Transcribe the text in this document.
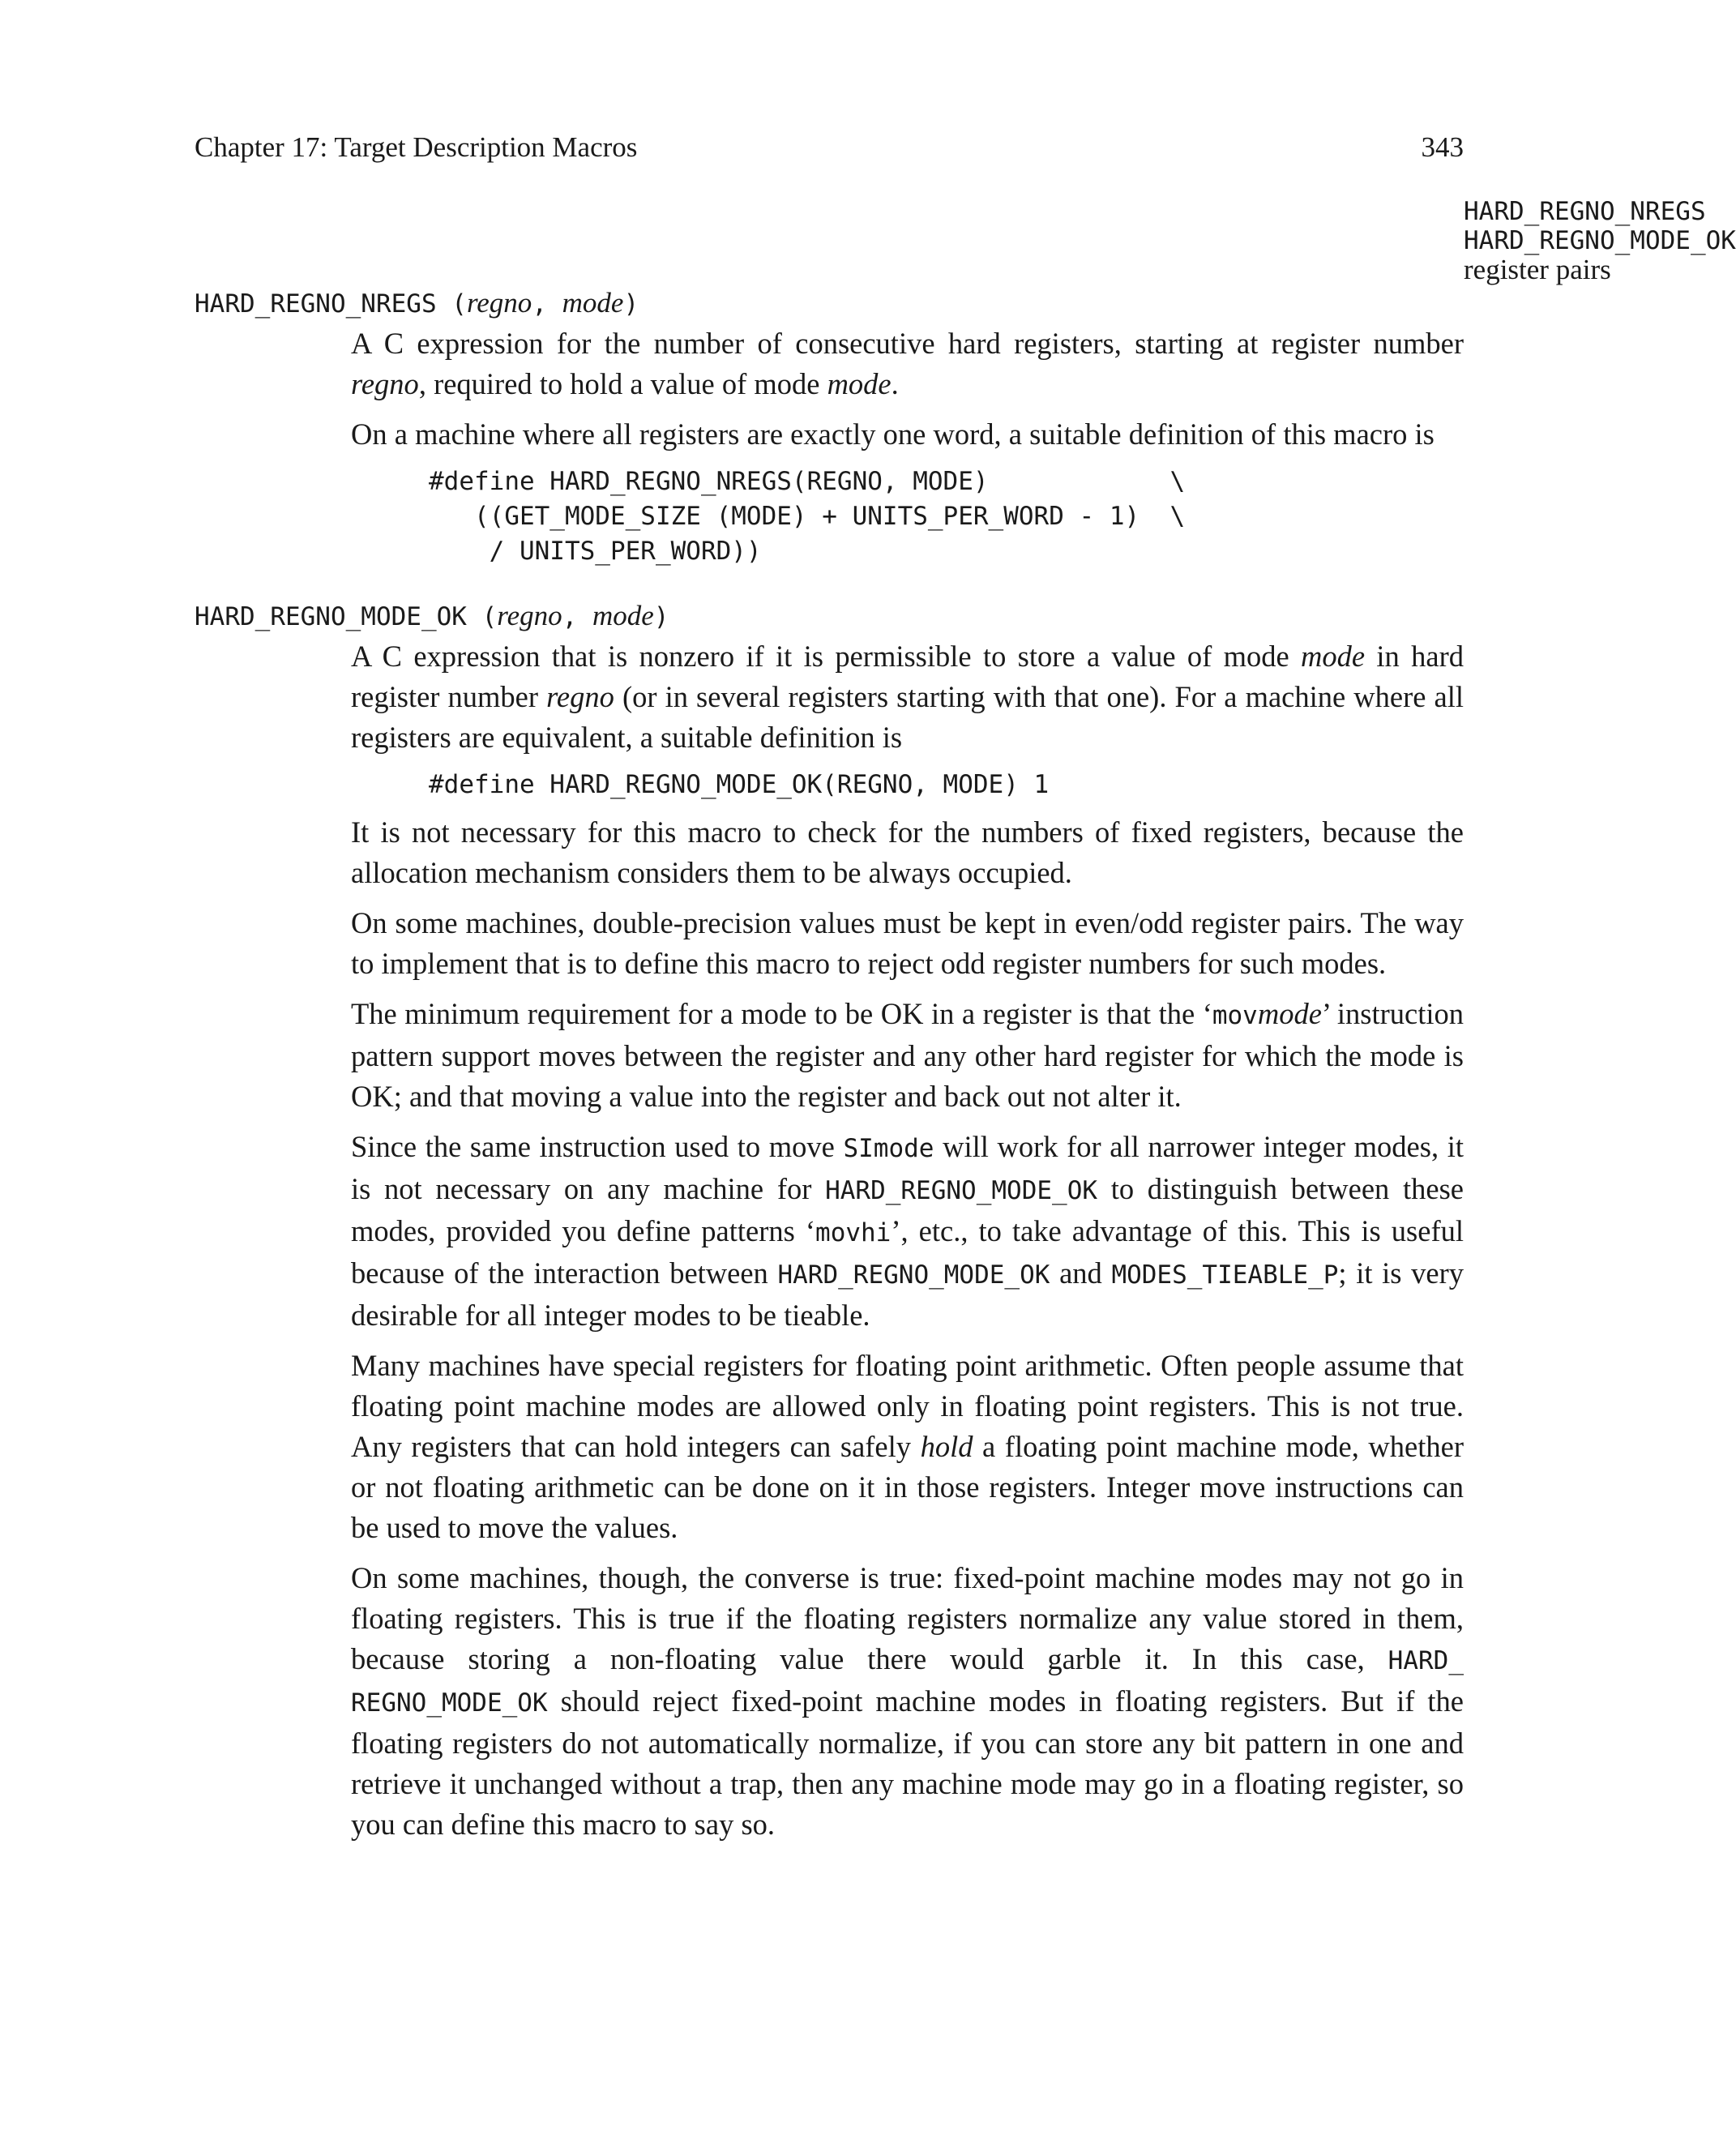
Chapter 17: Target Description Macros	343
HARD_REGNO_NREGS
HARD_REGNO_MODE_OK
register pairs
HARD_REGNO_NREGS (regno, mode)

A C expression for the number of consecutive hard registers, starting at register number regno, required to hold a value of mode mode.

On a machine where all registers are exactly one word, a suitable definition of this macro is

#define HARD_REGNO_NREGS(REGNO, MODE)            \
((GET_MODE_SIZE (MODE) + UNITS_PER_WORD - 1)  \
/ UNITS_PER_WORD))
HARD_REGNO_MODE_OK (regno, mode)

A C expression that is nonzero if it is permissible to store a value of mode mode in hard register number regno (or in several registers starting with that one). For a machine where all registers are equivalent, a suitable definition is

#define HARD_REGNO_MODE_OK(REGNO, MODE) 1

It is not necessary for this macro to check for the numbers of fixed registers, because the allocation mechanism considers them to be always occupied.

On some machines, double-precision values must be kept in even/odd register pairs. The way to implement that is to define this macro to reject odd register numbers for such modes.

The minimum requirement for a mode to be OK in a register is that the ‘movmode’ instruction pattern support moves between the register and any other hard register for which the mode is OK; and that moving a value into the register and back out not alter it.

Since the same instruction used to move SImode will work for all narrower integer modes, it is not necessary on any machine for HARD_REGNO_MODE_OK to distinguish between these modes, provided you define patterns ‘movhi’, etc., to take advantage of this. This is useful because of the interaction between HARD_REGNO_MODE_OK and MODES_TIEABLE_P; it is very desirable for all integer modes to be tieable.

Many machines have special registers for floating point arithmetic. Often people assume that floating point machine modes are allowed only in floating point registers. This is not true. Any registers that can hold integers can safely hold a floating point machine mode, whether or not floating arithmetic can be done on it in those registers. Integer move instructions can be used to move the values.

On some machines, though, the converse is true: fixed-point machine modes may not go in floating registers. This is true if the floating registers normalize any value stored in them, because storing a non-floating value there would garble it. In this case, HARD_ REGNO_MODE_OK should reject fixed-point machine modes in floating registers. But if the floating registers do not automatically normalize, if you can store any bit pattern in one and retrieve it unchanged without a trap, then any machine mode may go in a floating register, so you can define this macro to say so.
